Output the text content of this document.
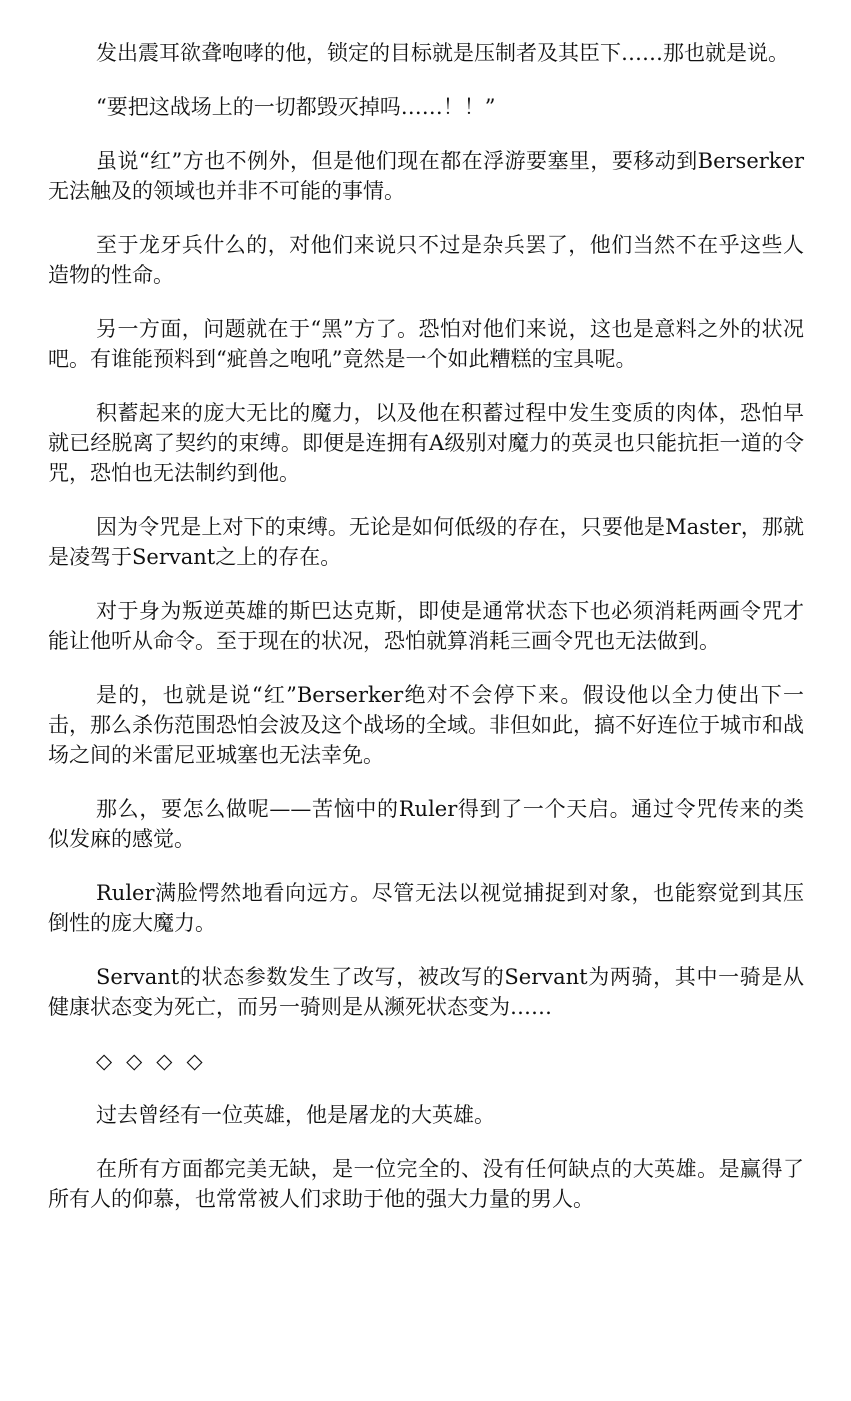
发出震耳欲聋咆哮的他，锁定的目标就是压制者及其臣下……那也就是说。

“要把这战场上的一切都毁灭掉吗……！！”

虽说“红”方也不例外，但是他们现在都在浮游要塞里，要移动到Berserker无法触及的领域也并非不可能的事情。

至于龙牙兵什么的，对他们来说只不过是杂兵罢了，他们当然不在乎这些人造物的性命。

另一方面，问题就在于“黑”方了。恐怕对他们来说，这也是意料之外的状况吧。有谁能预料到“疵兽之咆吼”竟然是一个如此糟糕的宝具呢。

积蓄起来的庞大无比的魔力，以及他在积蓄过程中发生变质的肉体，恐怕早就已经脱离了契约的束缚。即便是连拥有A级别对魔力的英灵也只能抗拒一道的令咒，恐怕也无法制约到他。

因为令咒是上对下的束缚。无论是如何低级的存在，只要他是Master，那就是凌驾于Servant之上的存在。

对于身为叛逆英雄的斯巴达克斯，即使是通常状态下也必须消耗两画令咒才能让他听从命令。至于现在的状况，恐怕就算消耗三画令咒也无法做到。

是的，也就是说“红”Berserker绝对不会停下来。假设他以全力使出下一击，那么杀伤范围恐怕会波及这个战场的全域。非但如此，搞不好连位于城市和战场之间的米雷尼亚城塞也无法幸免。

那么，要怎么做呢——苦恼中的Ruler得到了一个天启。通过令咒传来的类似发麻的感觉。

Ruler满脸愕然地看向远方。尽管无法以视觉捕捉到对象，也能察觉到其压倒性的庞大魔力。

Servant的状态参数发生了改写，被改写的Servant为两骑，其中一骑是从健康状态变为死亡，而另一骑则是从濒死状态变为……

◇◇◇◇

过去曾经有一位英雄，他是屠龙的大英雄。

在所有方面都完美无缺，是一位完全的、没有任何缺点的大英雄。是赢得了所有人的仰慕，也常常被人们求助于他的强大力量的男人。
